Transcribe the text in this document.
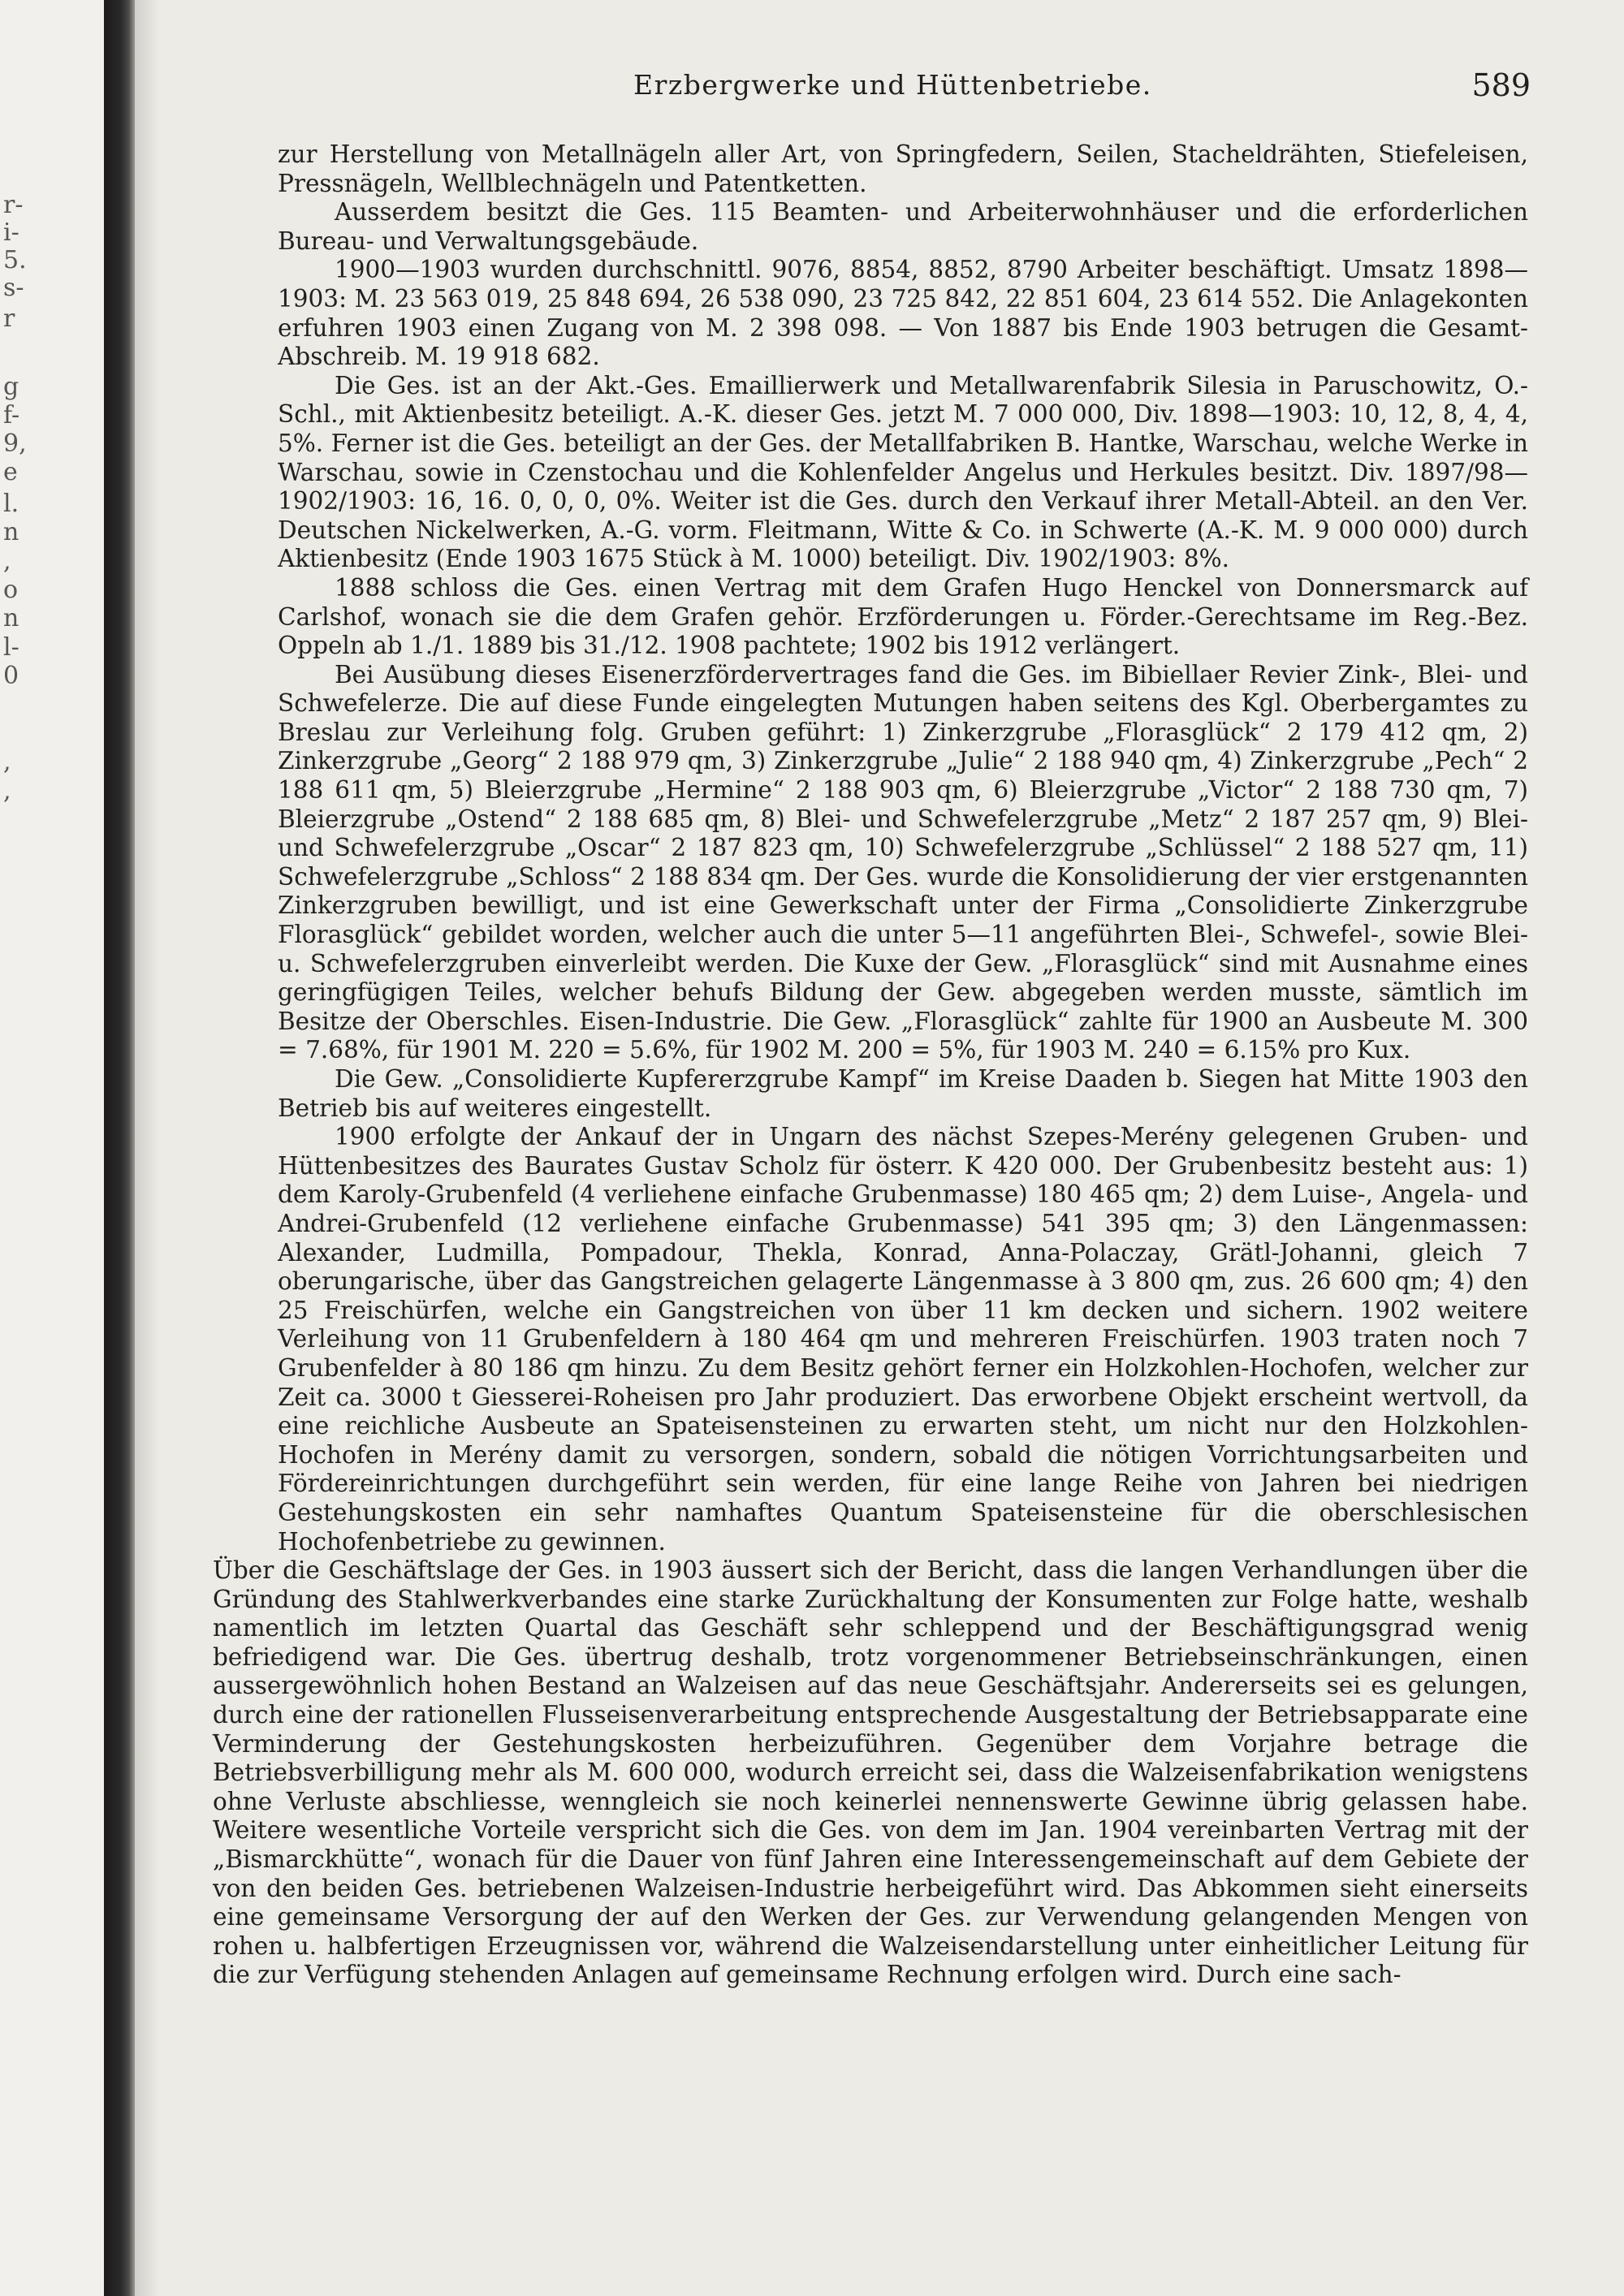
r-
i-
5.
s-
r
g
f-
9,
e
l.
n
,
o
n
l-
0
,
,
Erzbergwerke und Hüttenbetriebe.	589

zur Herstellung von Metallnägeln aller Art, von Springfedern, Seilen, Stacheldrähten, Stiefeleisen, Pressnägeln, Wellblechnägeln und Patentketten.

Ausserdem besitzt die Ges. 115 Beamten- und Arbeiterwohnhäuser und die erforderlichen Bureau- und Verwaltungsgebäude.

1900—1903 wurden durchschnittl. 9076, 8854, 8852, 8790 Arbeiter beschäftigt. Umsatz 1898—1903: M. 23 563 019, 25 848 694, 26 538 090, 23 725 842, 22 851 604, 23 614 552. Die Anlagekonten erfuhren 1903 einen Zugang von M. 2 398 098. — Von 1887 bis Ende 1903 betrugen die Gesamt-Abschreib. M. 19 918 682.

Die Ges. ist an der Akt.-Ges. Emaillierwerk und Metallwarenfabrik Silesia in Paruschowitz, O.-Schl., mit Aktienbesitz beteiligt. A.-K. dieser Ges. jetzt M. 7 000 000, Div. 1898—1903: 10, 12, 8, 4, 4, 5%. Ferner ist die Ges. beteiligt an der Ges. der Metallfabriken B. Hantke, Warschau, welche Werke in Warschau, sowie in Czenstochau und die Kohlenfelder Angelus und Herkules besitzt. Div. 1897/98—1902/1903: 16, 16. 0, 0, 0, 0%. Weiter ist die Ges. durch den Verkauf ihrer Metall-Abteil. an den Ver. Deutschen Nickelwerken, A.-G. vorm. Fleitmann, Witte & Co. in Schwerte (A.-K. M. 9 000 000) durch Aktienbesitz (Ende 1903 1675 Stück à M. 1000) beteiligt. Div. 1902/1903: 8%.

1888 schloss die Ges. einen Vertrag mit dem Grafen Hugo Henckel von Donnersmarck auf Carlshof, wonach sie die dem Grafen gehör. Erzförderungen u. Förder.-Gerechtsame im Reg.-Bez. Oppeln ab 1./1. 1889 bis 31./12. 1908 pachtete; 1902 bis 1912 verlängert.

Bei Ausübung dieses Eisenerzfördervertrages fand die Ges. im Bibiellaer Revier Zink-, Blei- und Schwefelerze. Die auf diese Funde eingelegten Mutungen haben seitens des Kgl. Oberbergamtes zu Breslau zur Verleihung folg. Gruben geführt: 1) Zinkerzgrube „Florasglück“ 2 179 412 qm, 2) Zinkerzgrube „Georg“ 2 188 979 qm, 3) Zinkerzgrube „Julie“ 2 188 940 qm, 4) Zinkerzgrube „Pech“ 2 188 611 qm, 5) Bleierzgrube „Hermine“ 2 188 903 qm, 6) Bleierzgrube „Victor“ 2 188 730 qm, 7) Bleierzgrube „Ostend“ 2 188 685 qm, 8) Blei- und Schwefelerzgrube „Metz“ 2 187 257 qm, 9) Blei- und Schwefelerzgrube „Oscar“ 2 187 823 qm, 10) Schwefelerzgrube „Schlüssel“ 2 188 527 qm, 11) Schwefelerzgrube „Schloss“ 2 188 834 qm. Der Ges. wurde die Konsolidierung der vier erstgenannten Zinkerzgruben bewilligt, und ist eine Gewerkschaft unter der Firma „Consolidierte Zinkerzgrube Florasglück“ gebildet worden, welcher auch die unter 5—11 angeführten Blei-, Schwefel-, sowie Blei- u. Schwefelerzgruben einverleibt werden. Die Kuxe der Gew. „Florasglück“ sind mit Ausnahme eines geringfügigen Teiles, welcher behufs Bildung der Gew. abgegeben werden musste, sämtlich im Besitze der Oberschles. Eisen-Industrie. Die Gew. „Florasglück“ zahlte für 1900 an Ausbeute M. 300 = 7.68%, für 1901 M. 220 = 5.6%, für 1902 M. 200 = 5%, für 1903 M. 240 = 6.15% pro Kux.

Die Gew. „Consolidierte Kupfererzgrube Kampf“ im Kreise Daaden b. Siegen hat Mitte 1903 den Betrieb bis auf weiteres eingestellt.

1900 erfolgte der Ankauf der in Ungarn des nächst Szepes-Merény gelegenen Gruben- und Hüttenbesitzes des Baurates Gustav Scholz für österr. K 420 000. Der Grubenbesitz besteht aus: 1) dem Karoly-Grubenfeld (4 verliehene einfache Grubenmasse) 180 465 qm; 2) dem Luise-, Angela- und Andrei-Grubenfeld (12 verliehene einfache Grubenmasse) 541 395 qm; 3) den Längenmassen: Alexander, Ludmilla, Pompadour, Thekla, Konrad, Anna-Polaczay, Grätl-Johanni, gleich 7 oberungarische, über das Gangstreichen gelagerte Längenmasse à 3 800 qm, zus. 26 600 qm; 4) den 25 Freischürfen, welche ein Gangstreichen von über 11 km decken und sichern. 1902 weitere Verleihung von 11 Grubenfeldern à 180 464 qm und mehreren Freischürfen. 1903 traten noch 7 Grubenfelder à 80 186 qm hinzu. Zu dem Besitz gehört ferner ein Holzkohlen-Hochofen, welcher zur Zeit ca. 3000 t Giesserei-Roheisen pro Jahr produziert. Das erworbene Objekt erscheint wertvoll, da eine reichliche Ausbeute an Spateisensteinen zu erwarten steht, um nicht nur den Holzkohlen-Hochofen in Merény damit zu versorgen, sondern, sobald die nötigen Vorrichtungsarbeiten und Fördereinrichtungen durchgeführt sein werden, für eine lange Reihe von Jahren bei niedrigen Gestehungskosten ein sehr namhaftes Quantum Spateisensteine für die oberschlesischen Hochofenbetriebe zu gewinnen.

Über die Geschäftslage der Ges. in 1903 äussert sich der Bericht, dass die langen Verhandlungen über die Gründung des Stahlwerkverbandes eine starke Zurückhaltung der Konsumenten zur Folge hatte, weshalb namentlich im letzten Quartal das Geschäft sehr schleppend und der Beschäftigungsgrad wenig befriedigend war. Die Ges. übertrug deshalb, trotz vorgenommener Betriebseinschränkungen, einen aussergewöhnlich hohen Bestand an Walzeisen auf das neue Geschäftsjahr. Andererseits sei es gelungen, durch eine der rationellen Flusseisenverarbeitung entsprechende Ausgestaltung der Betriebsapparate eine Verminderung der Gestehungskosten herbeizuführen. Gegenüber dem Vorjahre betrage die Betriebsverbilligung mehr als M. 600 000, wodurch erreicht sei, dass die Walzeisenfabrikation wenigstens ohne Verluste abschliesse, wenngleich sie noch keinerlei nennenswerte Gewinne übrig gelassen habe. Weitere wesentliche Vorteile verspricht sich die Ges. von dem im Jan. 1904 vereinbarten Vertrag mit der „Bismarckhütte“, wonach für die Dauer von fünf Jahren eine Interessengemeinschaft auf dem Gebiete der von den beiden Ges. betriebenen Walzeisen-Industrie herbeigeführt wird. Das Abkommen sieht einerseits eine gemeinsame Versorgung der auf den Werken der Ges. zur Verwendung gelangenden Mengen von rohen u. halbfertigen Erzeugnissen vor, während die Walzeisendarstellung unter einheitlicher Leitung für die zur Verfügung stehenden Anlagen auf gemeinsame Rechnung erfolgen wird. Durch eine sach-
